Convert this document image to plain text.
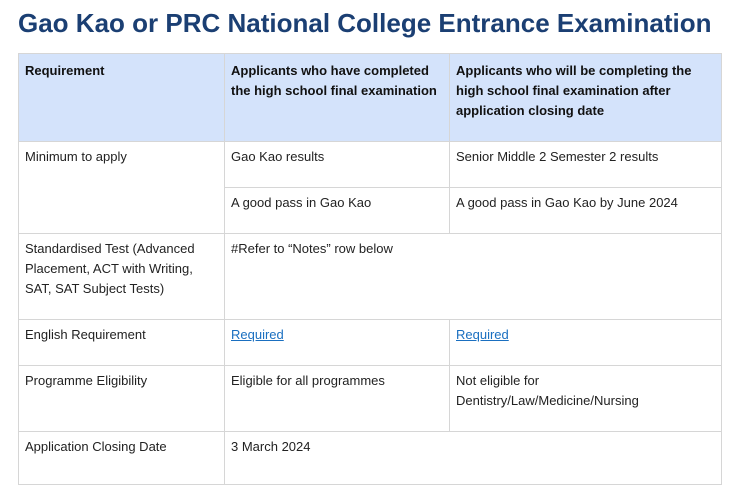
Gao Kao or PRC National College Entrance Examination
Requirement	Applicants who have completed the high school final examination	Applicants who will be completing the high school final examination after application closing date
Minimum to apply	Gao Kao results	Senior Middle 2 Semester 2 results
	A good pass in Gao Kao	A good pass in Gao Kao by June 2024
Standardised Test (Advanced Placement, ACT with Writing, SAT, SAT Subject Tests)	#Refer to “Notes” row below	
English Requirement	Required	Required
Programme Eligibility	Eligible for all programmes	Not eligible for Dentistry/Law/Medicine/Nursing
Application Closing Date	3 March 2024	
